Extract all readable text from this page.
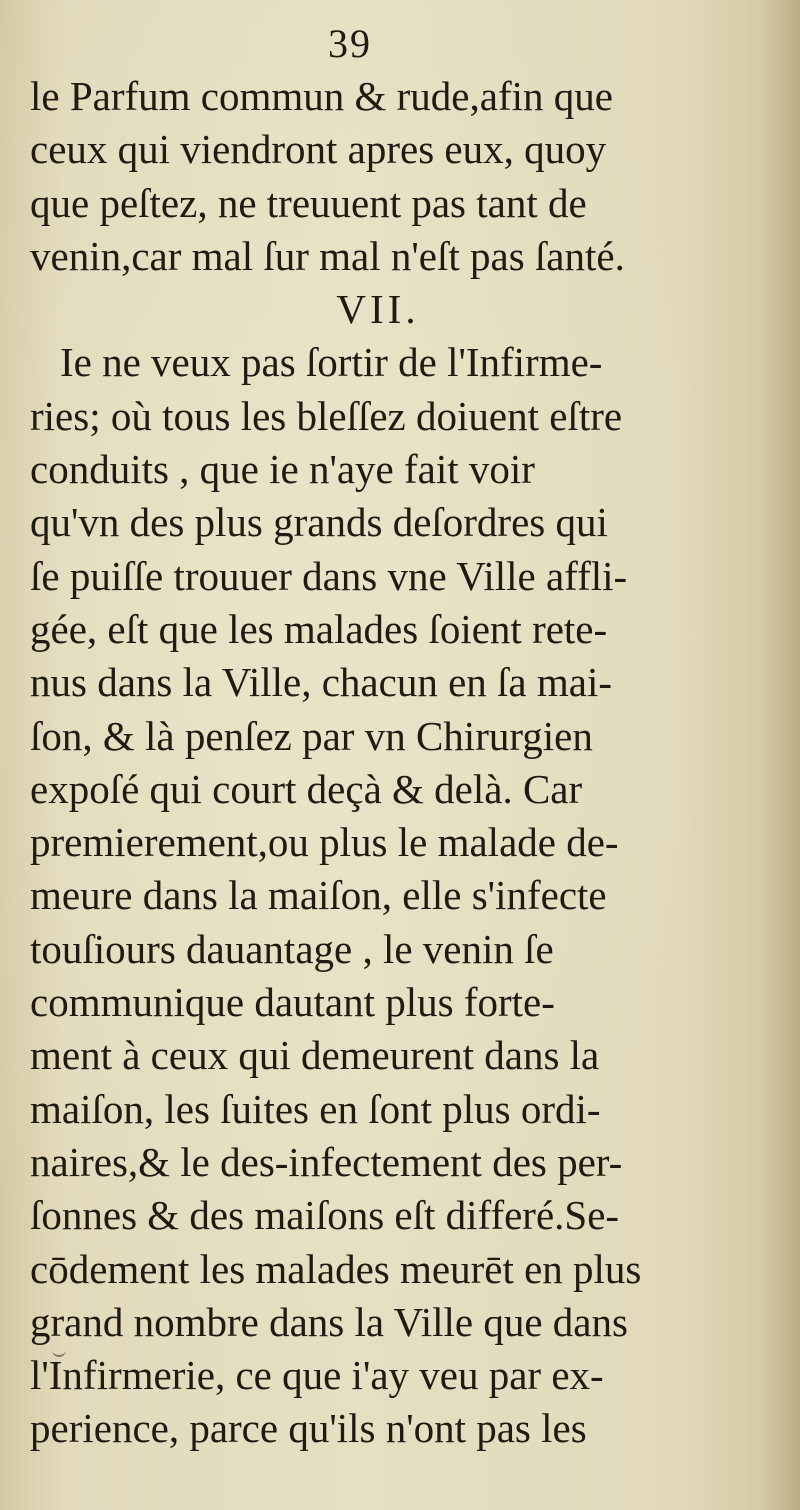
39
le Parfum commun & rude,afin que
ceux qui viendront apres eux, quoy
que peſtez, ne treuuent pas tant de
venin,car mal ſur mal n'eſt pas ſanté.
VII.
Ie ne veux pas ſortir de l'Infirme-
ries; où tous les bleſſez doiuent eſtre
conduits , que ie n'aye fait voir
qu'vn des plus grands deſordres qui
ſe puiſſe trouuer dans vne Ville affli-
gée, eſt que les malades ſoient rete-
nus dans la Ville, chacun en ſa mai-
ſon, & là penſez par vn Chirurgien
expoſé qui court deçà & delà. Car
premierement,ou plus le malade de-
meure dans la maiſon, elle s'infecte
touſiours dauantage , le venin ſe
communique dautant plus forte-
ment à ceux qui demeurent dans la
maiſon, les ſuites en ſont plus ordi-
naires,& le des-infectement des per-
ſonnes & des maiſons eſt differé.Se-
cōdement les malades meurēt en plus
grand nombre dans la Ville que dans
l'Infirmerie, ce que i'ay veu par ex-
perience, parce qu'ils n'ont pas les
